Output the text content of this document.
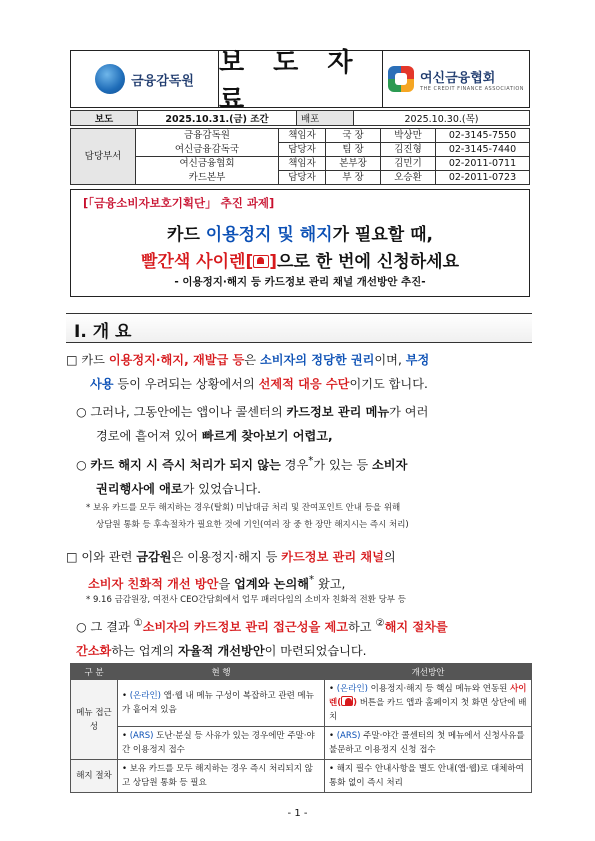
금융감독원
보 도 자 료
여신금융협회
THE CREDIT FINANCE ASSOCIATION
보도	2025.10.31.(금) 조간	배포	2025.10.30.(목)
담당부서	금융감독원	책임자	국 장	박상만	02-3145-7550
	여신금융감독국	담당자	팀 장	김진형	02-3145-7440
	여신금융협회	책임자	본부장	김민기	02-2011-0711
	카드본부	담당자	부 장	오승환	02-2011-0723
[「금융소비자보호기획단」 추진 과제]
카드 이용정지 및 해지가 필요할 때,
빨간색 사이렌[ ]으로 한 번에 신청하세요
- 이용정지·해지 등 카드정보 관리 채널 개선방안 추진-
Ⅰ. 개 요
□ 카드 이용정지·해지, 재발급 등은 소비자의 정당한 권리이며, 부정
사용 등이 우려되는 상황에서의 선제적 대응 수단이기도 합니다.
○ 그러나, 그동안에는 앱이나 콜센터의 카드정보 관리 메뉴가 여러
경로에 흩어져 있어 빠르게 찾아보기 어렵고,
○ 카드 해지 시 즉시 처리가 되지 않는 경우*가 있는 등 소비자
권리행사에 애로가 있었습니다.
* 보유 카드를 모두 해지하는 경우(탈회) 미납대금 처리 및 잔여포인트 안내 등을 위해
상담원 통화 등 후속절차가 필요한 것에 기인(여러 장 중 한 장만 해지시는 즉시 처리)
□ 이와 관련 금감원은 이용정지·해지 등 카드정보 관리 채널의
소비자 친화적 개선 방안을 업계와 논의해* 왔고,
* 9.16 금감원장, 여전사 CEO간담회에서 업무 패러다임의 소비자 친화적 전환 당부 등
○ 그 결과 ①소비자의 카드정보 관리 접근성을 제고하고 ②해지 절차를
간소화하는 업계의 자율적 개선방안이 마련되었습니다.
구 분	현 행	개선방안
메뉴 접근성	• (온라인) 앱·웹 내 메뉴 구성이 복잡하고 관련 메뉴가 흩어져 있음	• (온라인) 이용정지·해지 등 핵심 메뉴와 연동된 사이렌( ) 버튼을 카드 앱과 홈페이지 첫 화면 상단에 배치
	• (ARS) 도난·분실 등 사유가 있는 경우에만 주말·야간 이용정지 접수	• (ARS) 주말·야간 콜센터의 첫 메뉴에서 신청사유를 불문하고 이용정지 신청 접수
해지 절차	• 보유 카드를 모두 해지하는 경우 즉시 처리되지 않고 상담원 통화 등 필요	• 해지 필수 안내사항을 별도 안내(앱·웹)로 대체하여 통화 없이 즉시 처리
- 1 -
